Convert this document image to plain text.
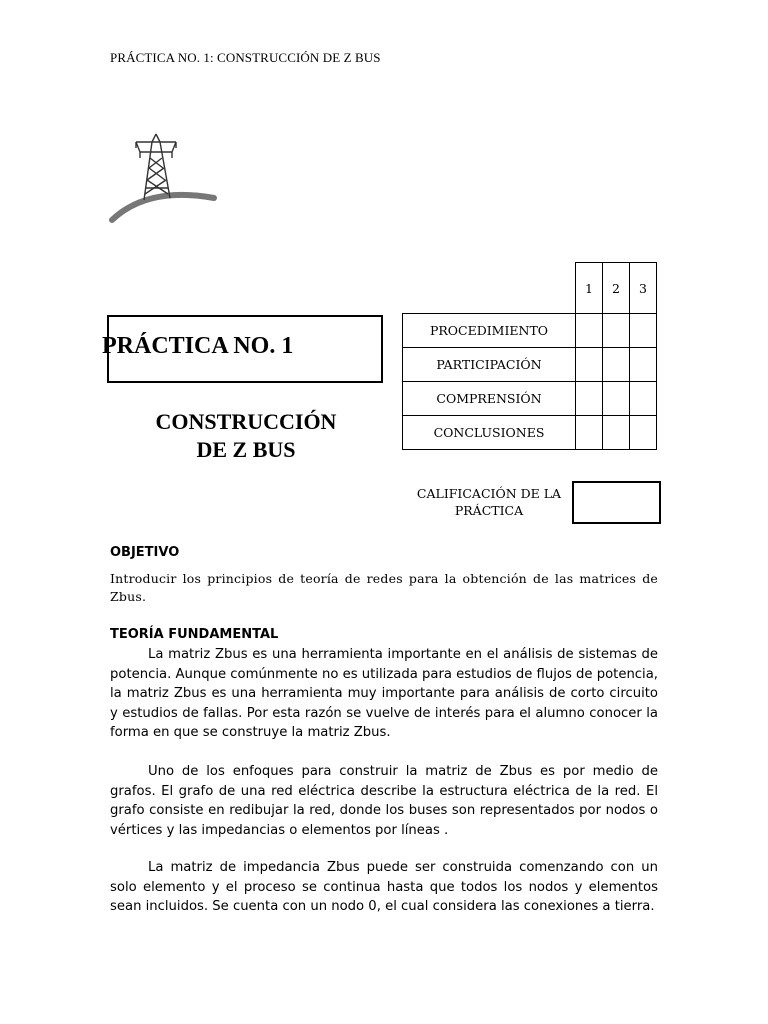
PRÁCTICA NO. 1: CONSTRUCCIÓN DE Z BUS
	1	2	3
PROCEDIMIENTO			
PARTICIPACIÓN			
COMPRENSIÓN			
CONCLUSIONES			
PRÁCTICA NO. 1
CONSTRUCCIÓN
DE Z BUS
CALIFICACIÓN DE LA
PRÁCTICA
OBJETIVO
Introducir los principios de teoría de redes para la obtención de las matrices de Zbus.
TEORÍA FUNDAMENTAL
La matriz Zbus es una herramienta importante en el análisis de sistemas de potencia. Aunque comúnmente no es utilizada para estudios de flujos de potencia, la matriz Zbus es una herramienta muy importante para análisis de corto circuito y estudios de fallas. Por esta razón se vuelve de interés para el alumno conocer la forma en que se construye la matriz Zbus.
Uno de los enfoques para construir la matriz de Zbus es por medio de grafos. El grafo de una red eléctrica describe la estructura eléctrica de la red. El grafo consiste en redibujar la red, donde los buses son representados por nodos o vértices y las impedancias o elementos por líneas .
La matriz de impedancia Zbus puede ser construida comenzando con un solo elemento y el proceso se continua hasta que todos los nodos y elementos sean incluidos. Se cuenta con un nodo 0, el cual considera las conexiones a tierra.
